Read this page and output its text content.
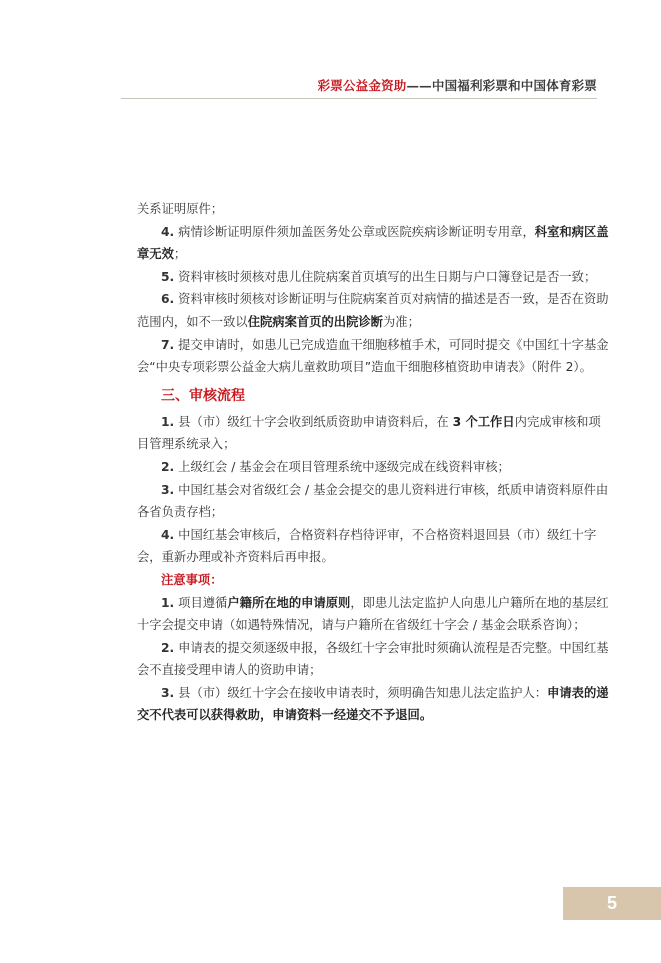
彩票公益金资助——中国福利彩票和中国体育彩票

关系证明原件；

4. 病情诊断证明原件须加盖医务处公章或医院疾病诊断证明专用章，科室和病区盖章无效；

5. 资料审核时须核对患儿住院病案首页填写的出生日期与户口簿登记是否一致；

6. 资料审核时须核对诊断证明与住院病案首页对病情的描述是否一致，是否在资助范围内，如不一致以住院病案首页的出院诊断为准；

7. 提交申请时，如患儿已完成造血干细胞移植手术，可同时提交《中国红十字基金会“中央专项彩票公益金大病儿童救助项目”造血干细胞移植资助申请表》（附件 2）。

三、审核流程

1. 县（市）级红十字会收到纸质资助申请资料后，在 3 个工作日内完成审核和项目管理系统录入；

2. 上级红会 / 基金会在项目管理系统中逐级完成在线资料审核；

3. 中国红基会对省级红会 / 基金会提交的患儿资料进行审核，纸质申请资料原件由各省负责存档；

4. 中国红基会审核后，合格资料存档待评审，不合格资料退回县（市）级红十字会，重新办理或补齐资料后再申报。

注意事项：

1. 项目遵循户籍所在地的申请原则，即患儿法定监护人向患儿户籍所在地的基层红十字会提交申请（如遇特殊情况，请与户籍所在省级红十字会 / 基金会联系咨询）；

2. 申请表的提交须逐级申报，各级红十字会审批时须确认流程是否完整。中国红基会不直接受理申请人的资助申请；

3. 县（市）级红十字会在接收申请表时，须明确告知患儿法定监护人：申请表的递交不代表可以获得救助，申请资料一经递交不予退回。

5
